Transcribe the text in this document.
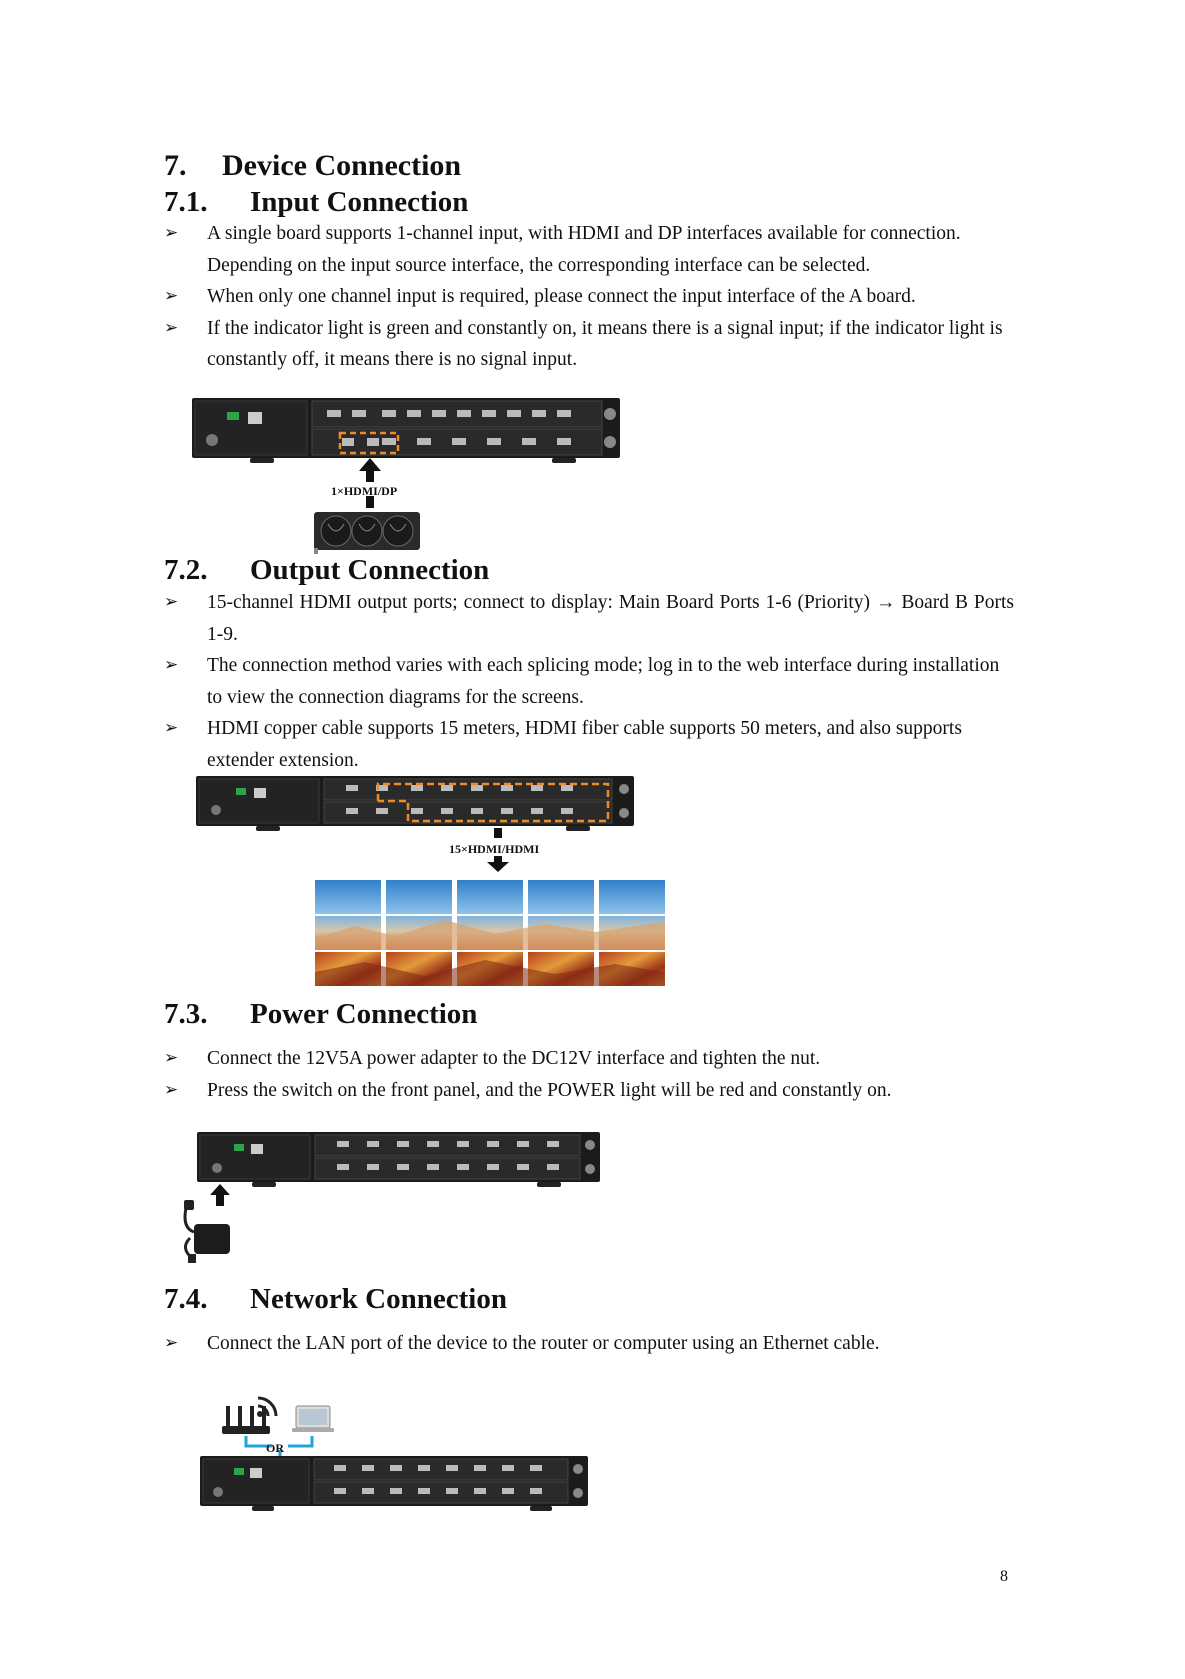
7. Device Connection
7.1. Input Connection
➢ A single board supports 1-channel input, with HDMI and DP interfaces available for connection. Depending on the input source interface, the corresponding interface can be selected.
➢ When only one channel input is required, please connect the input interface of the A board.
➢ If the indicator light is green and constantly on, it means there is a signal input; if the indicator light is constantly off, it means there is no signal input.
1×HDMI/DP
7.2. Output Connection
➢ 15-channel HDMI output ports; connect to display: Main Board Ports 1-6 (Priority) → Board B Ports 1-9.
➢ The connection method varies with each splicing mode; log in to the web interface during installation to view the connection diagrams for the screens.
➢ HDMI copper cable supports 15 meters, HDMI fiber cable supports 50 meters, and also supports extender extension.
15×HDMI/HDMI
7.3. Power Connection
➢ Connect the 12V5A power adapter to the DC12V interface and tighten the nut.
➢ Press the switch on the front panel, and the POWER light will be red and constantly on.
7.4. Network Connection
➢ Connect the LAN port of the device to the router or computer using an Ethernet cable.
OR
8
